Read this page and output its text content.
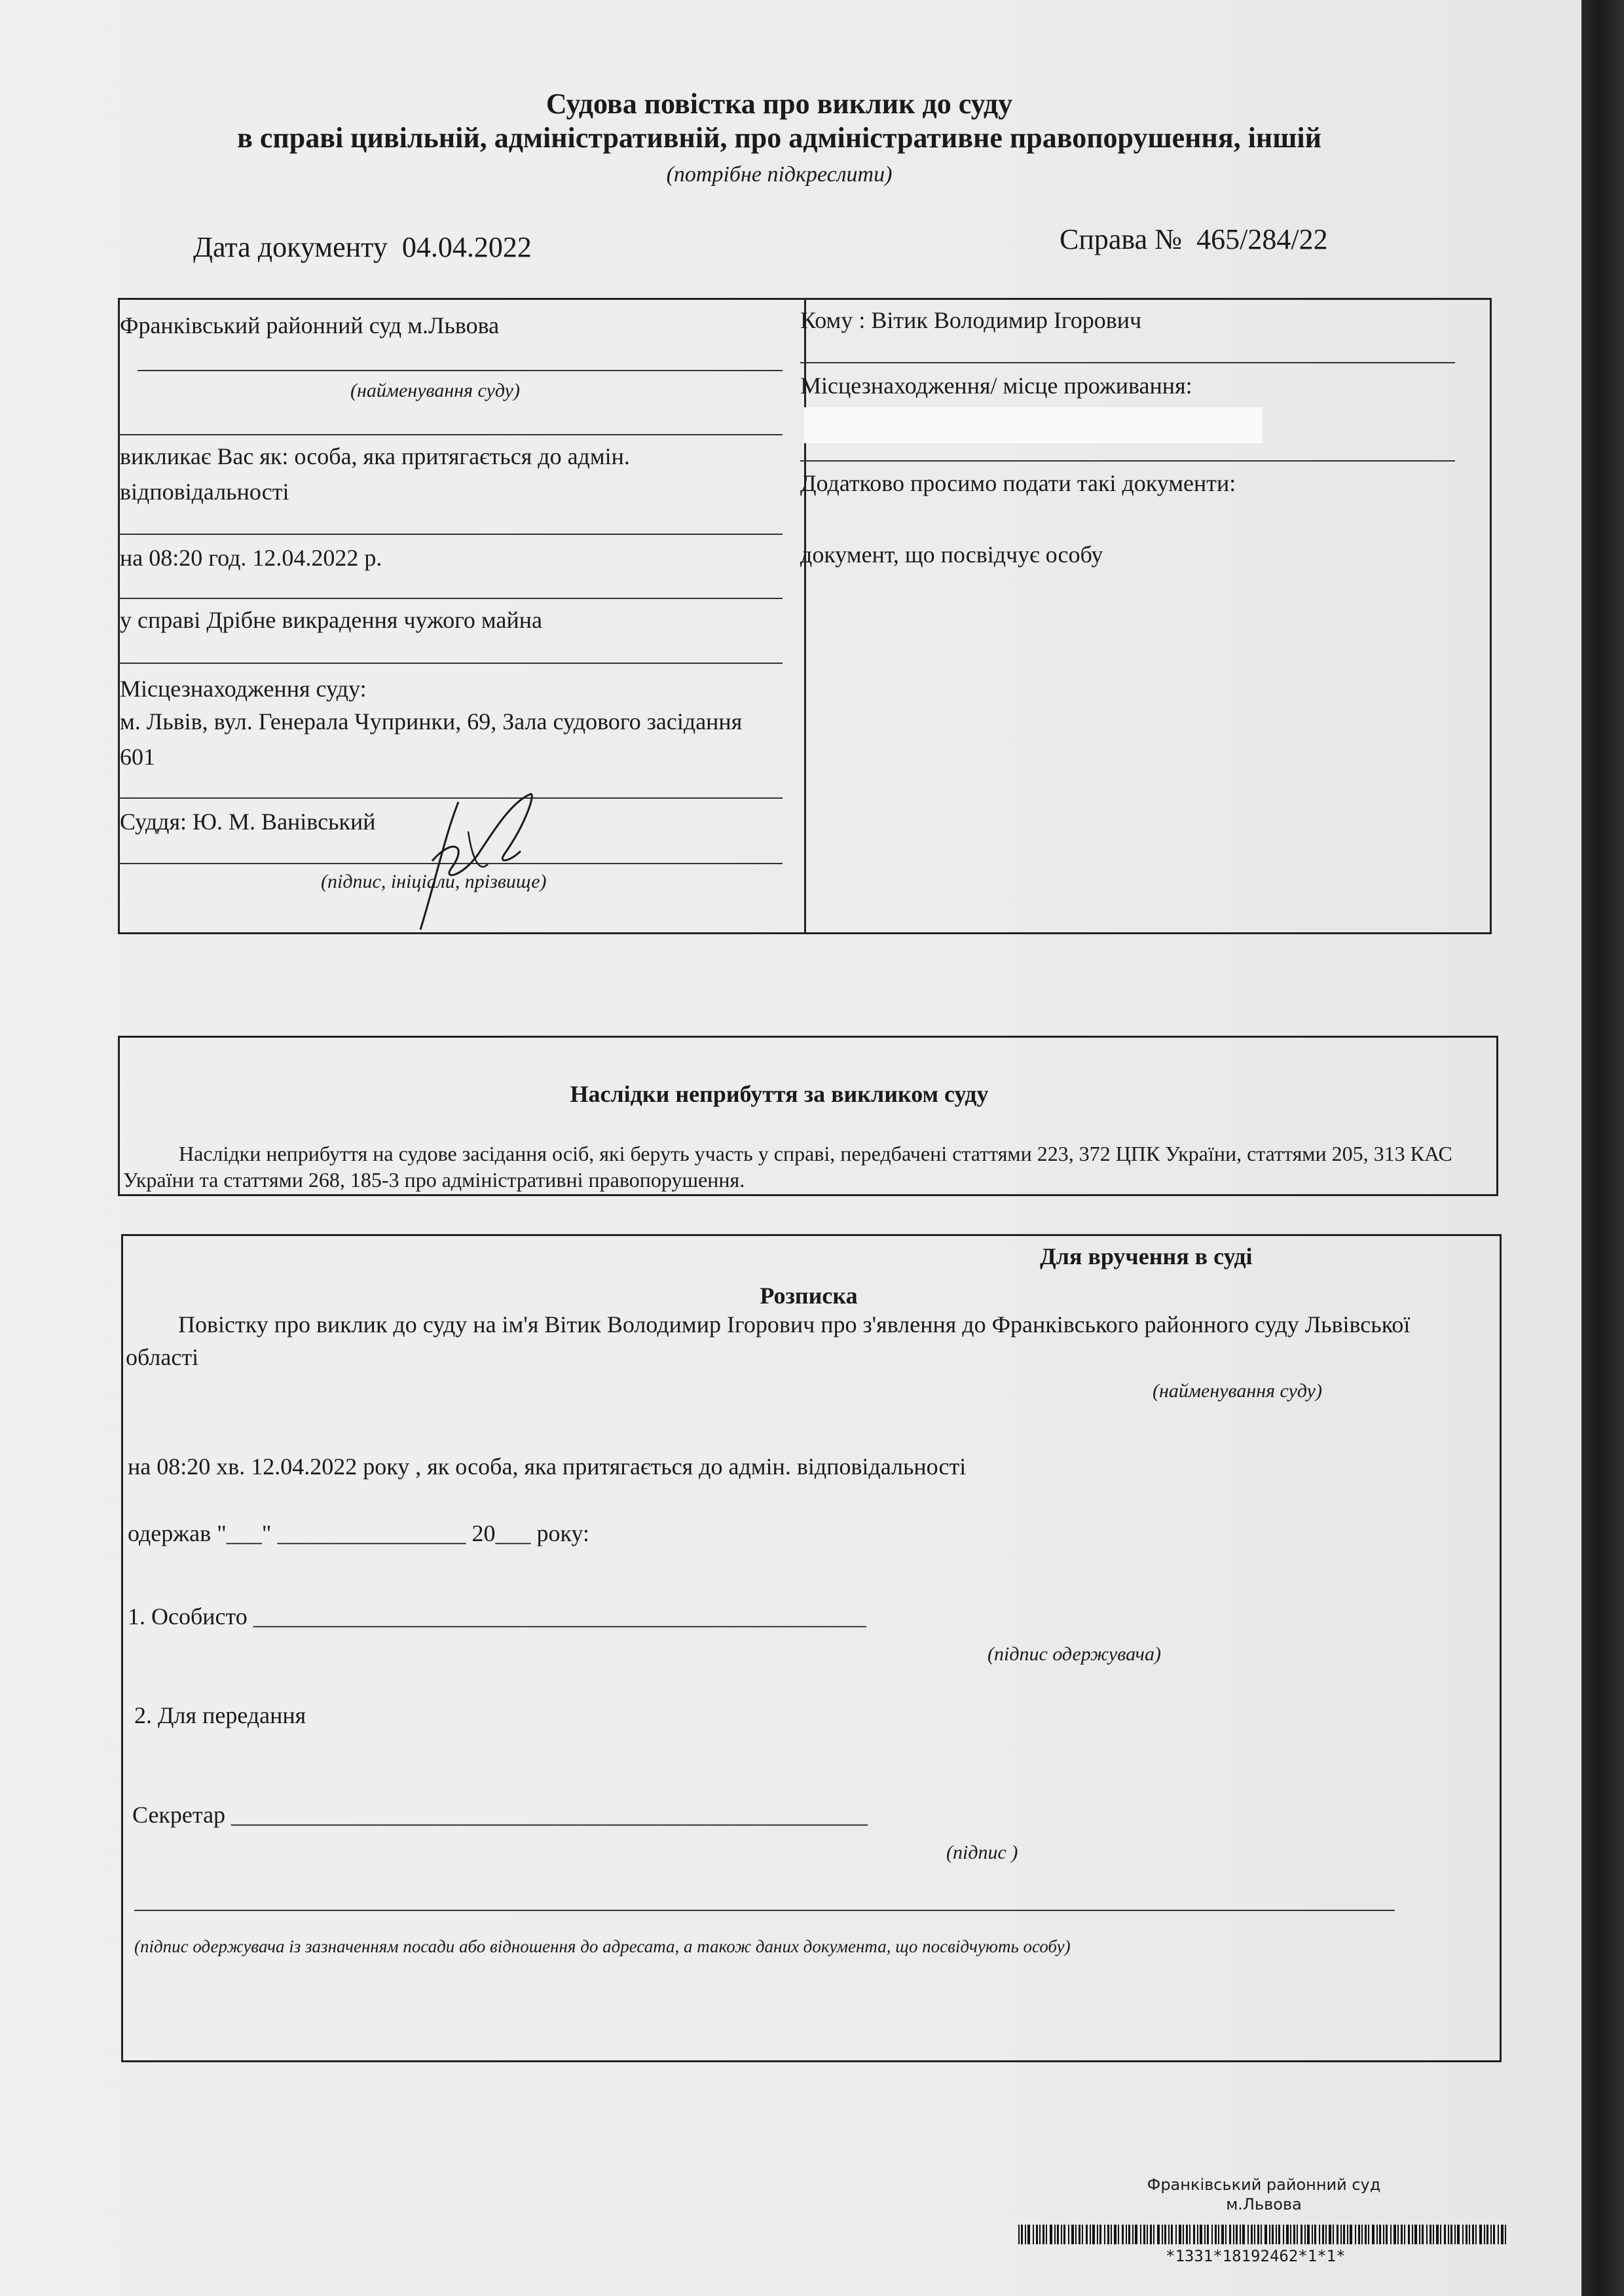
Судова повістка про виклик до суду
в справі цивільній, адміністративній, про адміністративне правопорушення, іншій
(потрібне підкреслити)
Дата документу 04.04.2022	Справа № 465/284/22
Франківський районний суд м.Львова
(найменування суду)
викликає Вас як: особа, яка притягається до адмін. відповідальності
на 08:20 год. 12.04.2022 р.
у справі Дрібне викрадення чужого майна
Місцезнаходження суду:
м. Львів, вул. Генерала Чупринки, 69, Зала судового засідання 601
Суддя: Ю. М. Ванівський
(підпис, ініціали, прізвище)
Кому : Вітик Володимир Ігорович
Місцезнаходження/ місце проживання:
Додатково просимо подати такі документи:
документ, що посвідчує особу
Наслідки неприбуття за викликом суду
Наслідки неприбуття на судове засідання осіб, які беруть участь у справі, передбачені статтями 223, 372 ЦПК України, статтями 205, 313 КАС України та статтями 268, 185-3 про адміністративні правопорушення.
Для вручення в суді
Розписка
Повістку про виклик до суду на ім'я Вітик Володимир Ігорович про з'явлення до Франківського районного суду Львівської області
(найменування суду)
на 08:20 хв. 12.04.2022 року , як особа, яка притягається до адмін. відповідальності
одержав "___" ________________ 20___ року:
1. Особисто ____________________________________________________
(підпис одержувача)
2. Для передання
Секретар ______________________________________________________
(підпис )
(підпис одержувача із зазначенням посади або відношення до адресата, а також даних документа, що посвідчують особу)
Франківський районний суд
м.Львова
*1331*18192462*1*1*
